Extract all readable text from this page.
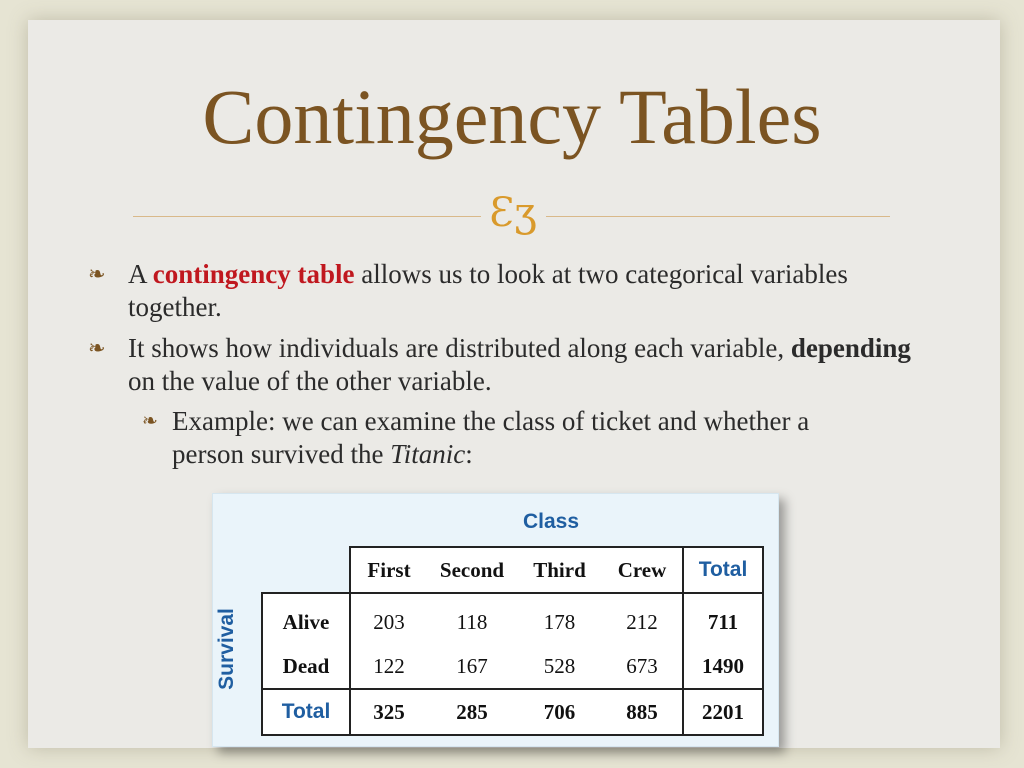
Contingency Tables
Ɛʒ
❧ A contingency table allows us to look at two categorical variables together.
❧ It shows how individuals are distributed along each variable, depending on the value of the other variable.
❧ Example: we can examine the class of ticket and whether a person survived the Titanic:
Class
Survival
	First	Second	Third	Crew	Total
Alive	203	118	178	212	711
Dead	122	167	528	673	1490
Total	325	285	706	885	2201
